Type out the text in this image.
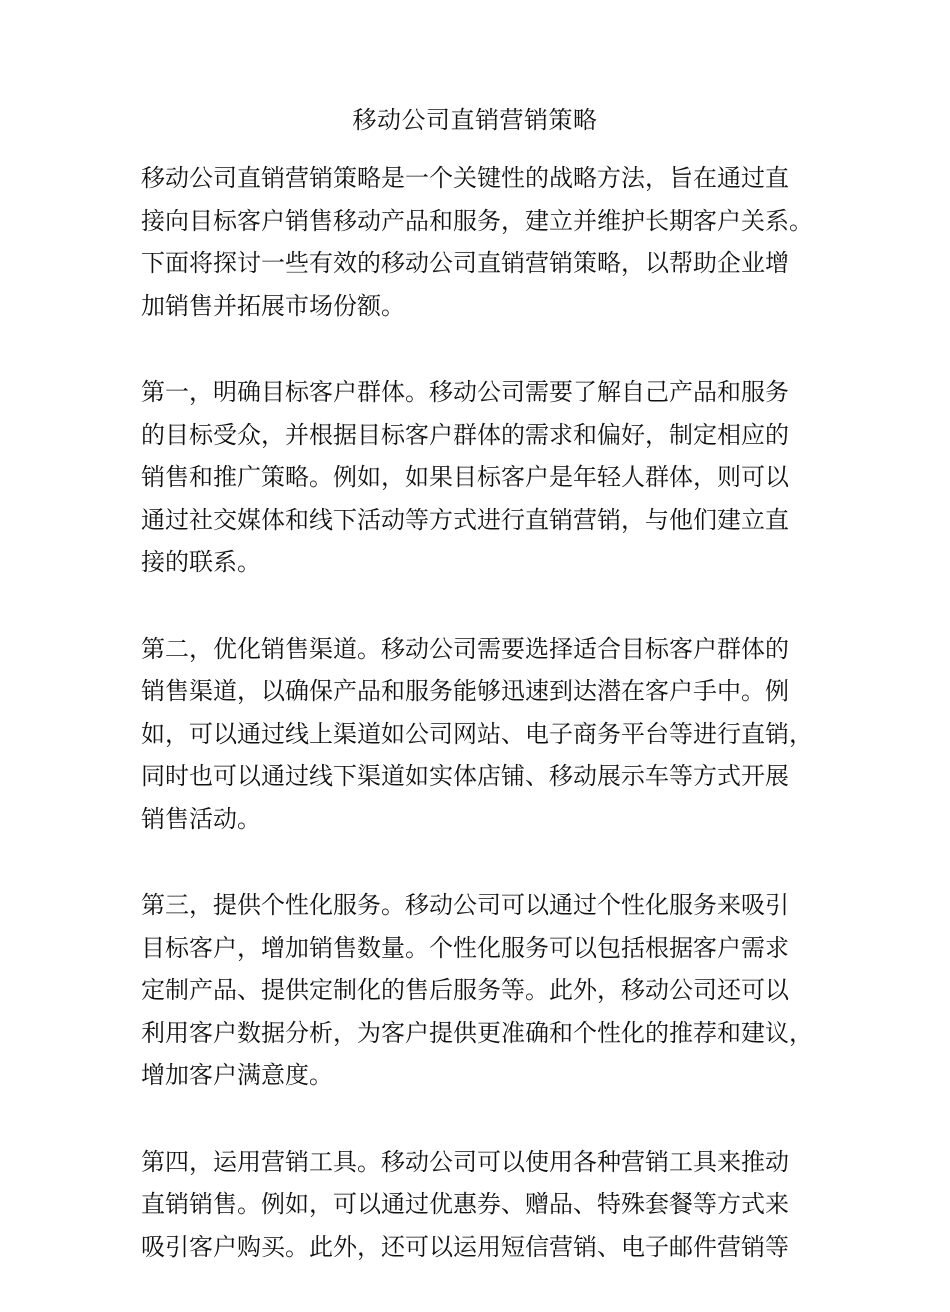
移动公司直销营销策略

移动公司直销营销策略是一个关键性的战略方法，旨在通过直
接向目标客户销售移动产品和服务，建立并维护长期客户关系。
下面将探讨一些有效的移动公司直销营销策略，以帮助企业增
加销售并拓展市场份额。

第一，明确目标客户群体。移动公司需要了解自己产品和服务
的目标受众，并根据目标客户群体的需求和偏好，制定相应的
销售和推广策略。例如，如果目标客户是年轻人群体，则可以
通过社交媒体和线下活动等方式进行直销营销，与他们建立直
接的联系。

第二，优化销售渠道。移动公司需要选择适合目标客户群体的
销售渠道，以确保产品和服务能够迅速到达潜在客户手中。例
如，可以通过线上渠道如公司网站、电子商务平台等进行直销，
同时也可以通过线下渠道如实体店铺、移动展示车等方式开展
销售活动。

第三，提供个性化服务。移动公司可以通过个性化服务来吸引
目标客户，增加销售数量。个性化服务可以包括根据客户需求
定制产品、提供定制化的售后服务等。此外，移动公司还可以
利用客户数据分析，为客户提供更准确和个性化的推荐和建议，
增加客户满意度。

第四，运用营销工具。移动公司可以使用各种营销工具来推动
直销销售。例如，可以通过优惠券、赠品、特殊套餐等方式来
吸引客户购买。此外，还可以运用短信营销、电子邮件营销等
